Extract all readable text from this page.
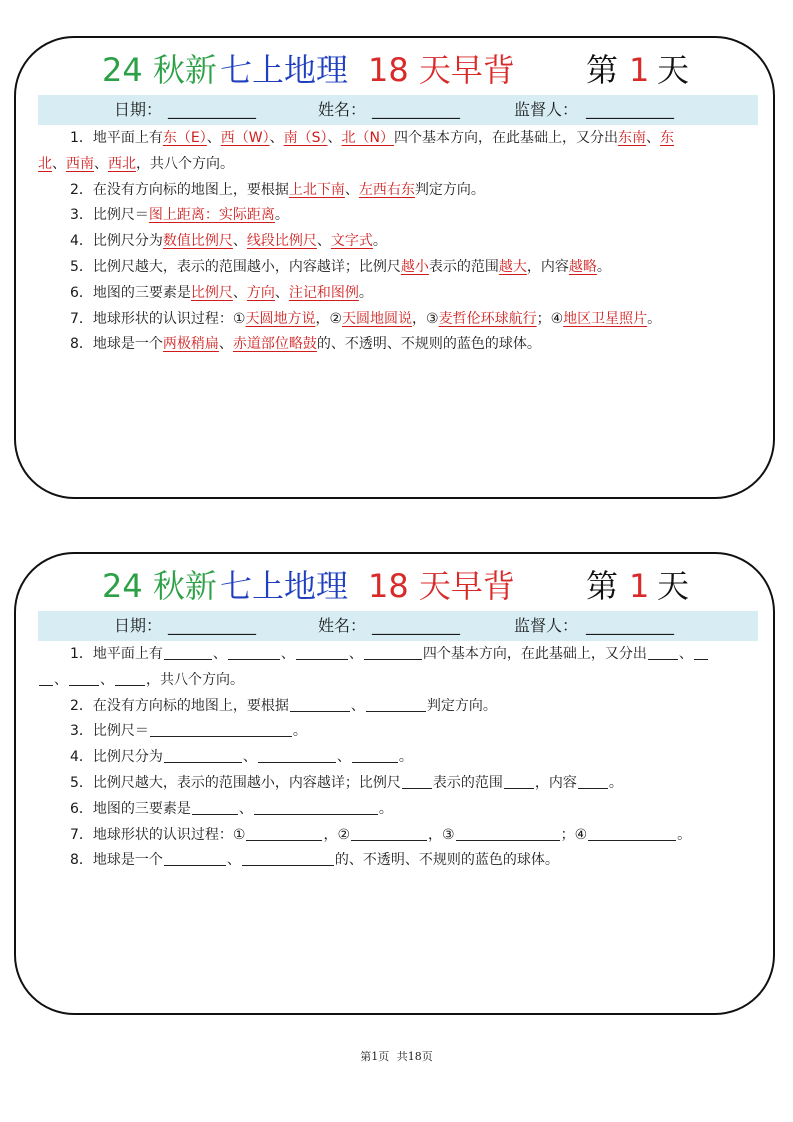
24 秋新 七上地理 18 天早背 第 1 天
日期： ___________	姓名： ___________	监督人： ___________
1．地平面上有东（E）、西（W）、南（S）、北（N）四个基本方向，在此基础上，又分出东南、东
北、西南、西北，共八个方向。
2．在没有方向标的地图上，要根据上北下南、左西右东判定方向。
3．比例尺＝图上距离：实际距离。
4．比例尺分为数值比例尺、线段比例尺、文字式。
5．比例尺越大，表示的范围越小，内容越详；比例尺越小表示的范围越大，内容越略。
6．地图的三要素是比例尺、方向、注记和图例。
7．地球形状的认识过程：①天圆地方说，②天圆地圆说，③麦哲伦环球航行；④地区卫星照片。
8．地球是一个两极稍扁、赤道部位略鼓的、不透明、不规则的蓝色的球体。
24 秋新 七上地理 18 天早背 第 1 天
日期： ___________	姓名： ___________	监督人： ___________
1．地平面上有	、	、	、	四个基本方向，在此基础上，又分出 、
、 、 ，共八个方向。
2．在没有方向标的地图上，要根据	、	判定方向。
3．比例尺＝	。
4．比例尺分为	、	、	。
5．比例尺越大，表示的范围越小，内容越详；比例尺 表示的范围 ，内容 。
6．地图的三要素是	、	。
7．地球形状的认识过程：①	，②	，③	；④	。
8．地球是一个	、	的、不透明、不规则的蓝色的球体。
第1页 共18页
